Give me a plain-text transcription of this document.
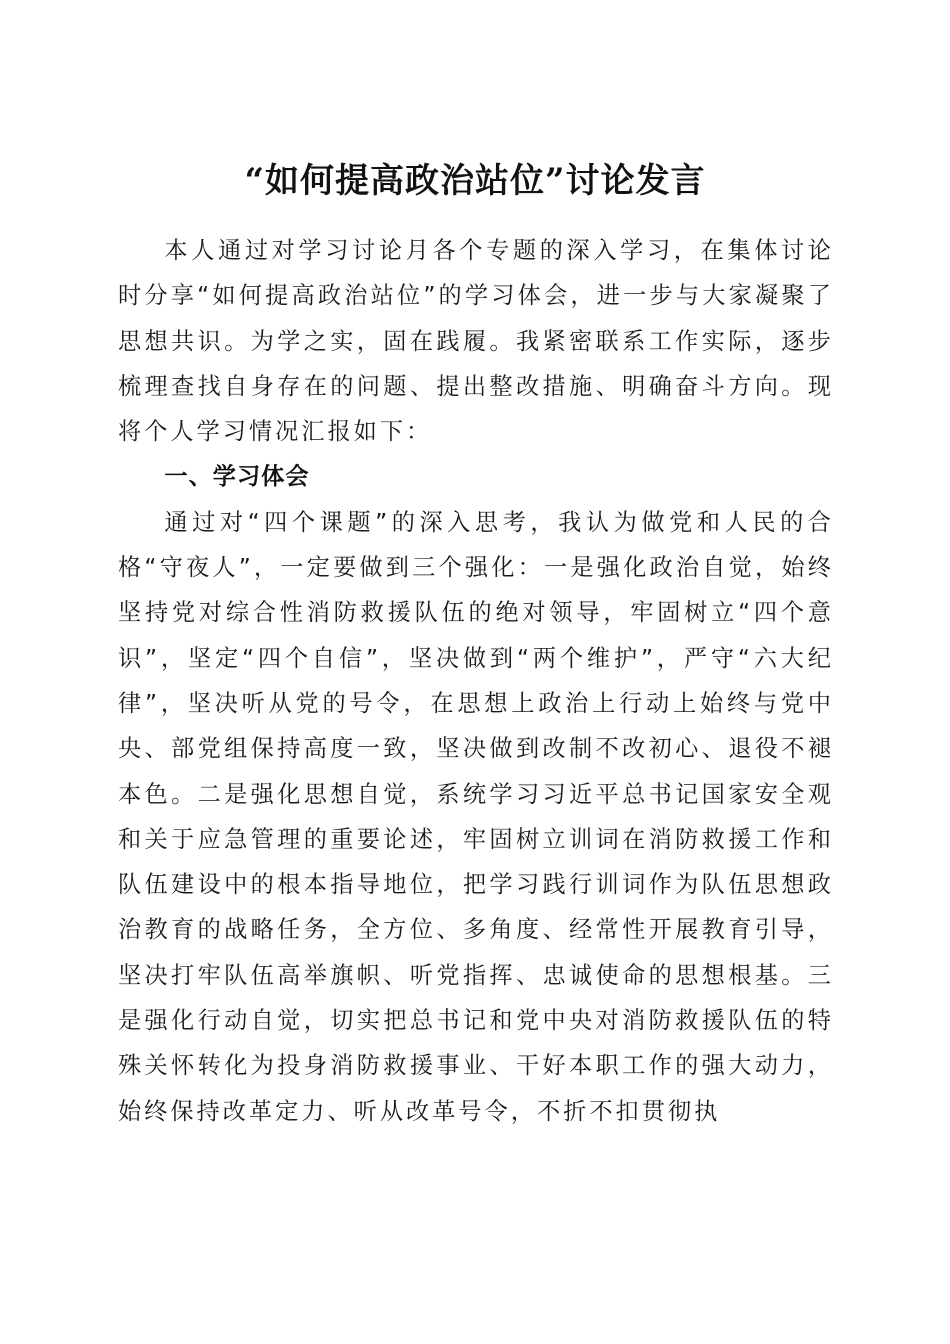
“如何提高政治站位”讨论发言

本人通过对学习讨论月各个专题的深入学习，在集体讨论时分享“如何提高政治站位”的学习体会，进一步与大家凝聚了思想共识。为学之实，固在践履。我紧密联系工作实际，逐步梳理查找自身存在的问题、提出整改措施、明确奋斗方向。现将个人学习情况汇报如下：

一、学习体会

通过对“四个课题”的深入思考，我认为做党和人民的合格“守夜人”，一定要做到三个强化：一是强化政治自觉，始终坚持党对综合性消防救援队伍的绝对领导，牢固树立“四个意识”，坚定“四个自信”，坚决做到“两个维护”，严守“六大纪律”，坚决听从党的号令，在思想上政治上行动上始终与党中央、部党组保持高度一致，坚决做到改制不改初心、退役不褪本色。二是强化思想自觉，系统学习习近平总书记国家安全观和关于应急管理的重要论述，牢固树立训词在消防救援工作和队伍建设中的根本指导地位，把学习践行训词作为队伍思想政治教育的战略任务，全方位、多角度、经常性开展教育引导，坚决打牢队伍高举旗帜、听党指挥、忠诚使命的思想根基。三是强化行动自觉，切实把总书记和党中央对消防救援队伍的特殊关怀转化为投身消防救援事业、干好本职工作的强大动力，始终保持改革定力、听从改革号令，不折不扣贯彻执
